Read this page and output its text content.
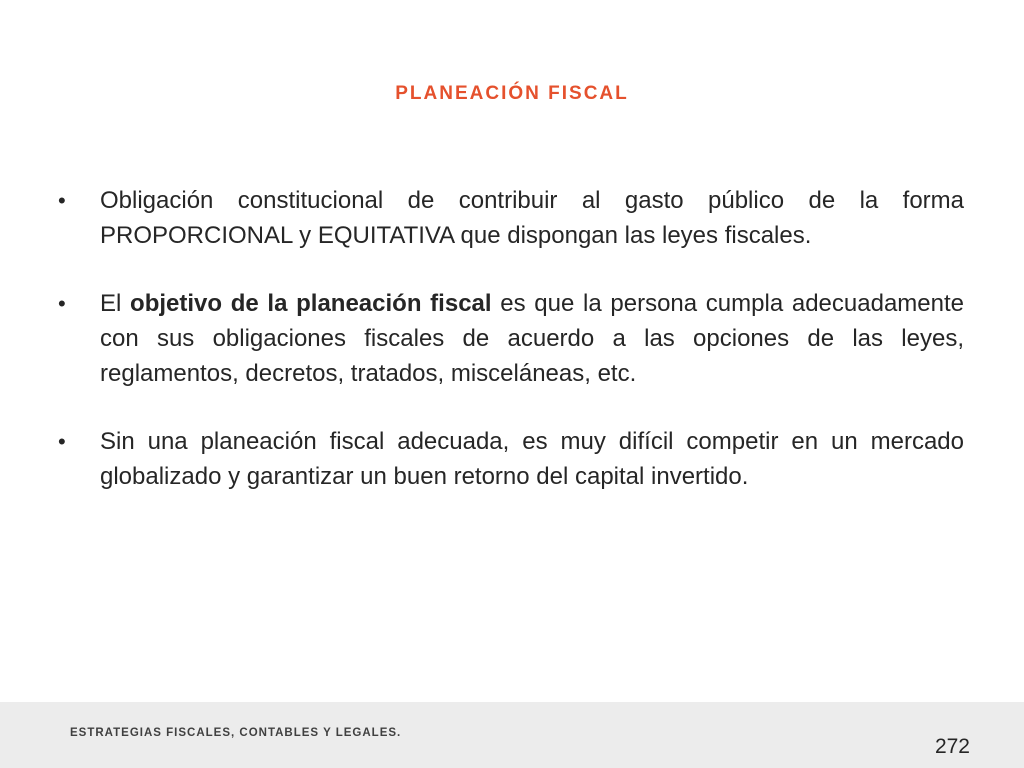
PLANEACIÓN FISCAL
• Obligación constitucional de contribuir al gasto público de la forma PROPORCIONAL y EQUITATIVA que dispongan las leyes fiscales.
• El objetivo de la planeación fiscal es que la persona cumpla adecuadamente con sus obligaciones fiscales de acuerdo a las opciones de las leyes, reglamentos, decretos, tratados, misceláneas, etc.
• Sin una planeación fiscal adecuada, es muy difícil competir en un mercado globalizado y garantizar un buen retorno del capital invertido.
ESTRATEGIAS FISCALES, CONTABLES Y LEGALES.
272
